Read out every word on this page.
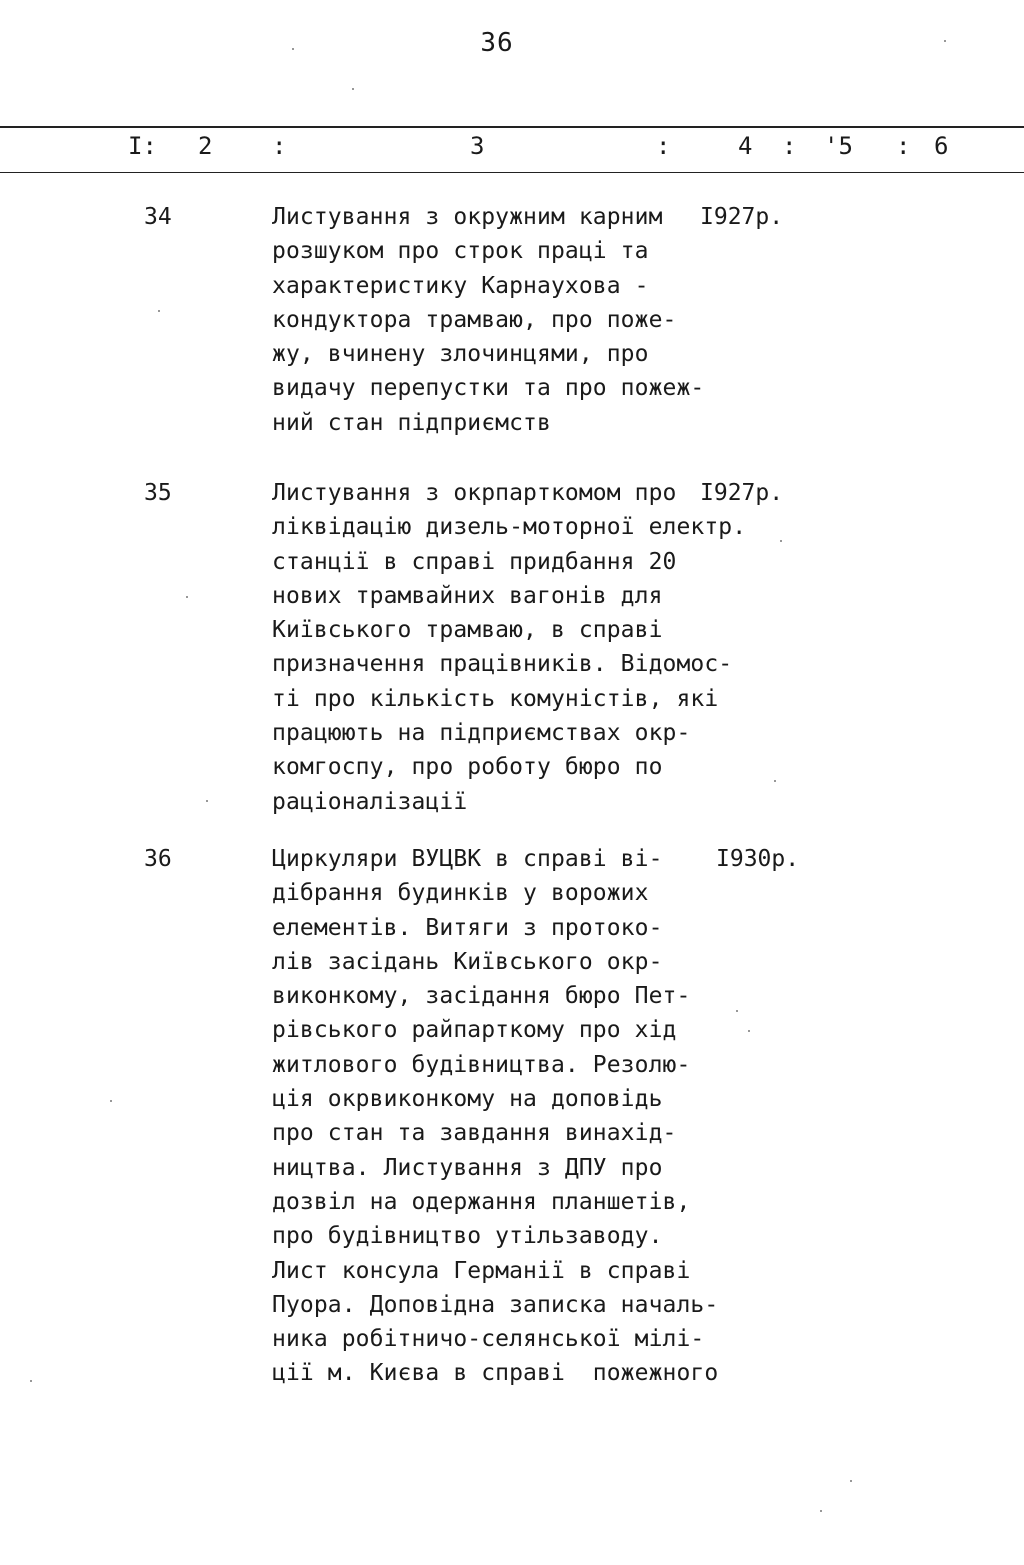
36
I: 2 :	3	:	4 : '5 : 6
34	Листування з окружним карним
розшуком про строк праці та
характеристику Карнаухова -
кондуктора трамваю, про поже-
жу, вчинену злочинцями, про
видачу перепустки та про пожеж-
ний стан підприємств
I927р.
35	Листування з окрпарткомом про
ліквідацію дизель-моторної електр.
станції в справі придбання 20
нових трамвайних вагонів для
Київського трамваю, в справі
призначення працівників. Відомос-
ті про кількість комуністів, які
працюють на підприємствах окр-
комгоспу, про роботу бюро по
раціоналізації
I927р.
36	Циркуляри ВУЦВК в справі ві-
дібрання будинків у ворожих
елементів. Витяги з протоко-
лів засідань Київського окр-
виконкому, засідання бюро Пет-
рівського райпарткому про хід
житлового будівництва. Резолю-
ція окрвиконкому на доповідь
про стан та завдання винахід-
ництва. Листування з ДПУ про
дозвіл на одержання планшетів,
про будівництво утільзаводу.
Лист консула Германії в справі
Пуора. Доповідна записка началь-
ника робітничо-селянської мілі-
ції м. Києва в справі  пожежного
I930р.
